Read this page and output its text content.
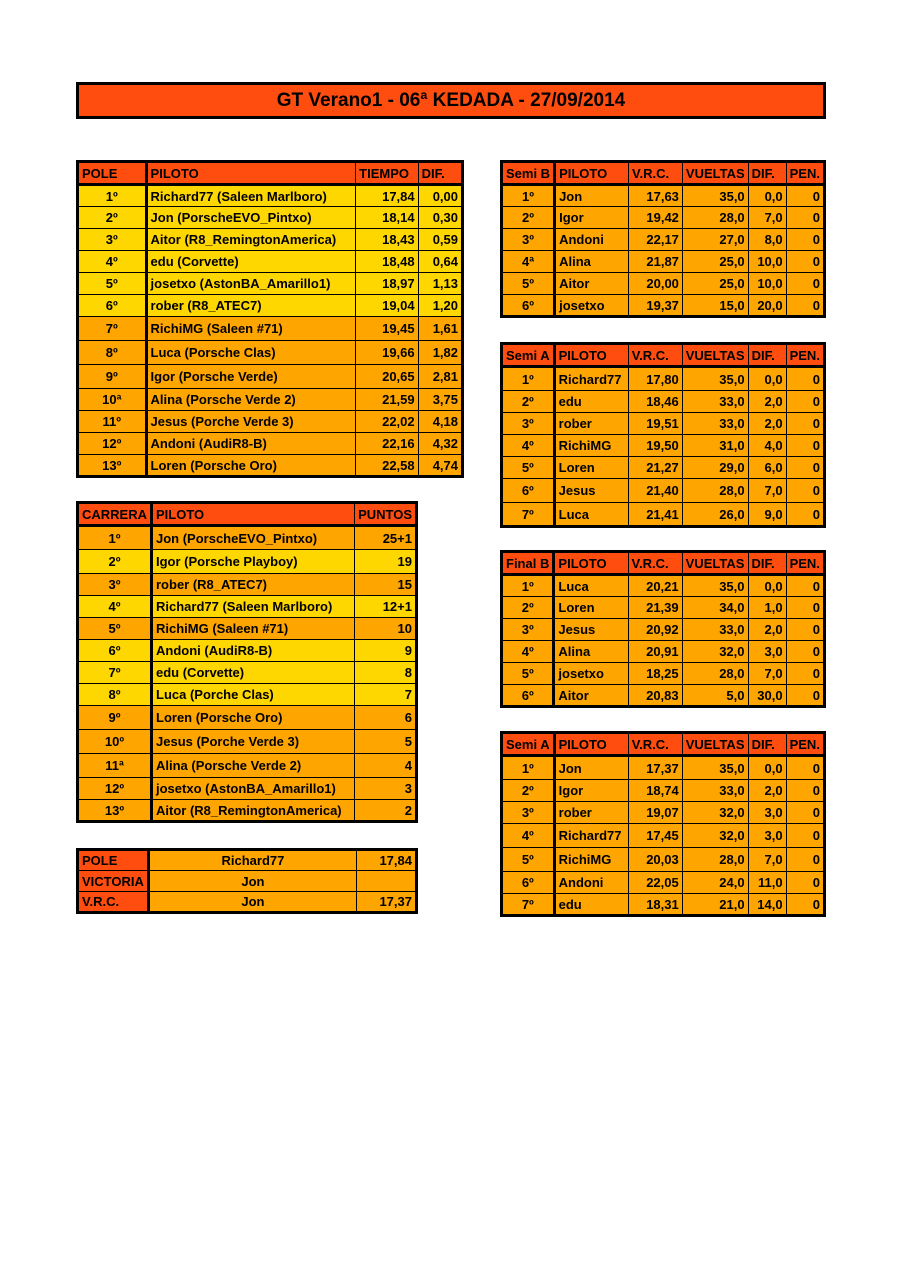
GT Verano1 - 06ª KEDADA - 27/09/2014
POLE	PILOTO	TIEMPO	DIF.
1º	Richard77 (Saleen Marlboro)	17,84	0,00
2º	Jon (PorscheEVO_Pintxo)	18,14	0,30
3º	Aitor (R8_RemingtonAmerica)	18,43	0,59
4º	edu (Corvette)	18,48	0,64
5º	josetxo (AstonBA_Amarillo1)	18,97	1,13
6º	rober (R8_ATEC7)	19,04	1,20
7º	RichiMG (Saleen #71)	19,45	1,61
8º	Luca (Porsche Clas)	19,66	1,82
9º	Igor (Porsche Verde)	20,65	2,81
10ª	Alina (Porsche Verde 2)	21,59	3,75
11º	Jesus (Porche Verde 3)	22,02	4,18
12º	Andoni (AudiR8-B)	22,16	4,32
13º	Loren (Porsche Oro)	22,58	4,74
CARRERA	PILOTO	PUNTOS
1º	Jon (PorscheEVO_Pintxo)	25+1
2º	Igor (Porsche Playboy)	19
3º	rober (R8_ATEC7)	15
4º	Richard77 (Saleen Marlboro)	12+1
5º	RichiMG (Saleen #71)	10
6º	Andoni (AudiR8-B)	9
7º	edu (Corvette)	8
8º	Luca (Porche Clas)	7
9º	Loren (Porsche Oro)	6
10º	Jesus (Porche Verde 3)	5
11ª	Alina (Porsche Verde 2)	4
12º	josetxo (AstonBA_Amarillo1)	3
13º	Aitor (R8_RemingtonAmerica)	2
POLE	Richard77	17,84
VICTORIA	Jon	
V.R.C.	Jon	17,37
Semi B	PILOTO	V.R.C.	VUELTAS	DIF.	PEN.
1º	Jon	17,63	35,0	0,0	0
2º	Igor	19,42	28,0	7,0	0
3º	Andoni	22,17	27,0	8,0	0
4ª	Alina	21,87	25,0	10,0	0
5º	Aitor	20,00	25,0	10,0	0
6º	josetxo	19,37	15,0	20,0	0
Semi A	PILOTO	V.R.C.	VUELTAS	DIF.	PEN.
1º	Richard77	17,80	35,0	0,0	0
2º	edu	18,46	33,0	2,0	0
3º	rober	19,51	33,0	2,0	0
4º	RichiMG	19,50	31,0	4,0	0
5º	Loren	21,27	29,0	6,0	0
6º	Jesus	21,40	28,0	7,0	0
7º	Luca	21,41	26,0	9,0	0
Final B	PILOTO	V.R.C.	VUELTAS	DIF.	PEN.
1º	Luca	20,21	35,0	0,0	0
2º	Loren	21,39	34,0	1,0	0
3º	Jesus	20,92	33,0	2,0	0
4º	Alina	20,91	32,0	3,0	0
5º	josetxo	18,25	28,0	7,0	0
6º	Aitor	20,83	5,0	30,0	0
Semi A	PILOTO	V.R.C.	VUELTAS	DIF.	PEN.
1º	Jon	17,37	35,0	0,0	0
2º	Igor	18,74	33,0	2,0	0
3º	rober	19,07	32,0	3,0	0
4º	Richard77	17,45	32,0	3,0	0
5º	RichiMG	20,03	28,0	7,0	0
6º	Andoni	22,05	24,0	11,0	0
7º	edu	18,31	21,0	14,0	0
